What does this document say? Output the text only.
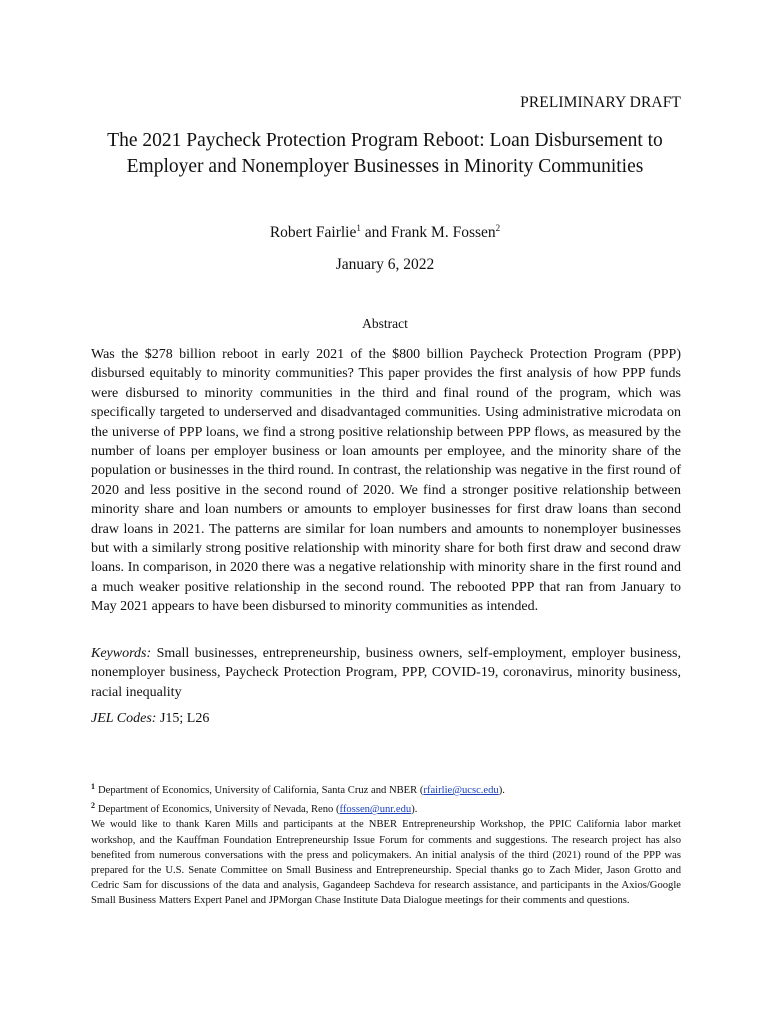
PRELIMINARY DRAFT
The 2021 Paycheck Protection Program Reboot: Loan Disbursement to
Employer and Nonemployer Businesses in Minority Communities
Robert Fairlie$^1$ and Frank M. Fossen$^2$
January 6, 2022
Abstract
Was the $278 billion reboot in early 2021 of the $800 billion Paycheck Protection Program (PPP) disbursed equitably to minority communities? This paper provides the first analysis of how PPP funds were disbursed to minority communities in the third and final round of the program, which was specifically targeted to underserved and disadvantaged communities. Using administrative microdata on the universe of PPP loans, we find a strong positive relationship between PPP flows, as measured by the number of loans per employer business or loan amounts per employee, and the minority share of the population or businesses in the third round. In contrast, the relationship was negative in the first round of 2020 and less positive in the second round of 2020. We find a stronger positive relationship between minority share and loan numbers or amounts to employer businesses for first draw loans than second draw loans in 2021. The patterns are similar for loan numbers and amounts to nonemployer businesses but with a similarly strong positive relationship with minority share for both first draw and second draw loans. In comparison, in 2020 there was a negative relationship with minority share in the first round and a much weaker positive relationship in the second round. The rebooted PPP that ran from January to May 2021 appears to have been disbursed to minority communities as intended.
Keywords: Small businesses, entrepreneurship, business owners, self-employment, employer business, nonemployer business, Paycheck Protection Program, PPP, COVID-19, coronavirus, minority business, racial inequality
JEL Codes: J15; L26
$^1$ Department of Economics, University of California, Santa Cruz and NBER (rfairlie@ucsc.edu).
$^2$ Department of Economics, University of Nevada, Reno (ffossen@unr.edu).
We would like to thank Karen Mills and participants at the NBER Entrepreneurship Workshop, the PPIC California labor market workshop, and the Kauffman Foundation Entrepreneurship Issue Forum for comments and suggestions. The research project has also benefited from numerous conversations with the press and policymakers. An initial analysis of the third (2021) round of the PPP was prepared for the U.S. Senate Committee on Small Business and Entrepreneurship. Special thanks go to Zach Mider, Jason Grotto and Cedric Sam for discussions of the data and analysis, Gagandeep Sachdeva for research assistance, and participants in the Axios/Google Small Business Matters Expert Panel and JPMorgan Chase Institute Data Dialogue meetings for their comments and questions.
